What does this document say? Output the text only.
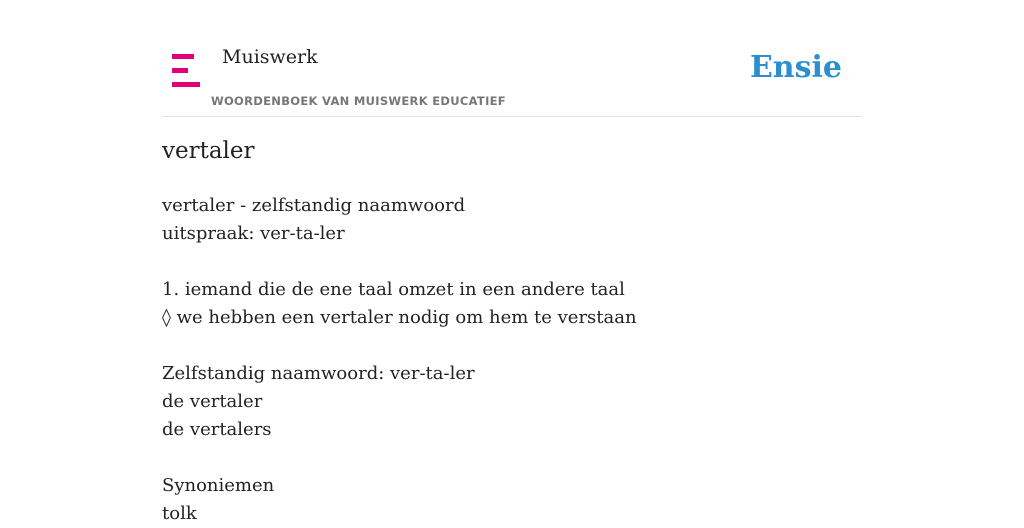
Muiswerk
WOORDENBOEK VAN MUISWERK EDUCATIEF
Ensie
vertaler
vertaler - zelfstandig naamwoord
uitspraak: ver-ta-ler
1. iemand die de ene taal omzet in een andere taal
◊ we hebben een vertaler nodig om hem te verstaan
Zelfstandig naamwoord: ver-ta-ler
de vertaler
de vertalers
Synoniemen
tolk
